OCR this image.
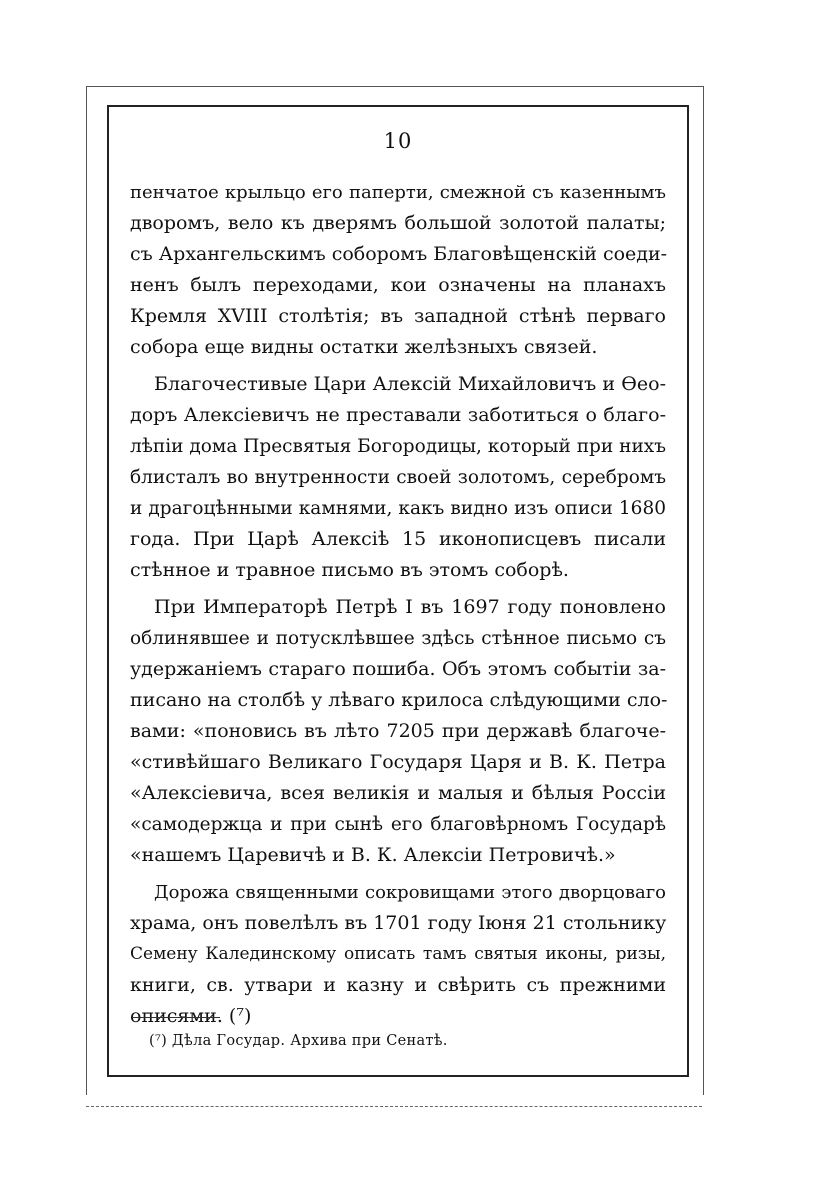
10
пенчатое крыльцо его паперти, смежной съ казеннымъ
дворомъ, вело къ дверямъ большой золотой палаты;
съ Архангельскимъ соборомъ Благовѣщенскій соеди-
ненъ былъ переходами, кои означены на планахъ
Кремля XVIII столѣтія; въ западной стѣнѣ перваго
собора еще видны остатки желѣзныхъ связей.
Благочестивые Цари Алексій Михайловичъ и Ѳео-
доръ Алексіевичъ не преставали заботиться о благо-
лѣпіи дома Пресвятыя Богородицы, который при нихъ
блисталъ во внутренности своей золотомъ, серебромъ
и драгоцѣнными камнями, какъ видно изъ описи 1680
года. При Царѣ Алексіѣ 15 иконописцевъ писали
стѣнное и травное письмо въ этомъ соборѣ.
При Императорѣ Петрѣ I въ 1697 году поновлено
облинявшее и потусклѣвшее здѣсь стѣнное письмо съ
удержаніемъ стараго пошиба. Объ этомъ событіи за-
писано на столбѣ у лѣваго крилоса слѣдующими сло-
вами: «поновись въ лѣто 7205 при державѣ благоче-
«стивѣйшаго Великаго Государя Царя и В. К. Петра
«Алексіевича, всея великія и малыя и бѣлыя Россіи
«самодержца и при сынѣ его благовѣрномъ Государѣ
«нашемъ Царевичѣ и В. К. Алексіи Петровичѣ.»
Дорожа священными сокровищами этого дворцоваго
храма, онъ повелѣлъ въ 1701 году Іюня 21 стольнику
Семену Калединскому описать тамъ святыя иконы, ризы,
книги, св. утвари и казну и свѣрить съ прежними
описями. (⁷)
(⁷) Дѣла Государ. Архива при Сенатѣ.
